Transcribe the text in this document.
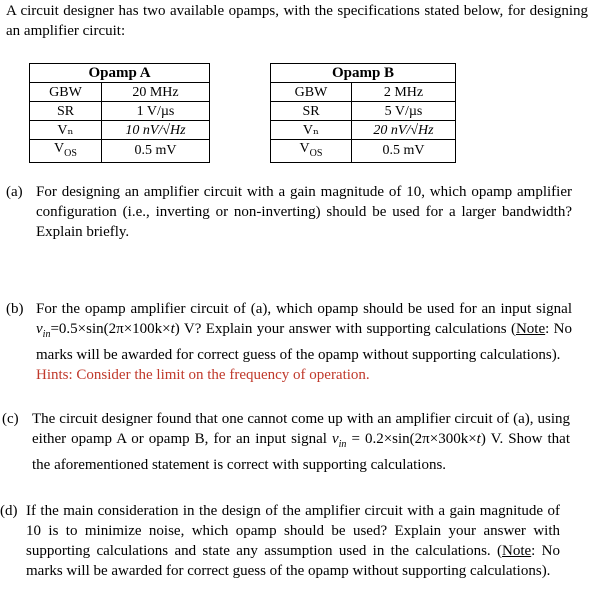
A circuit designer has two available opamps, with the specifications stated below, for designing an amplifier circuit:
Opamp A	
GBW	20 MHz
SR	1 V/µs
Vₙ	10 nV/√Hz
$V_{OS}$	0.5 mV
Opamp B	
GBW	2 MHz
SR	5 V/µs
Vₙ	20 nV/√Hz
$V_{OS}$	0.5 mV
(a) For designing an amplifier circuit with a gain magnitude of 10, which opamp amplifier configuration (i.e., inverting or non-inverting) should be used for a larger bandwidth? Explain briefly.
(b) For the opamp amplifier circuit of (a), which opamp should be used for an input signal $v_{in}=0.5\times\sin(2\pi\times 100k\times t)$ V? Explain your answer with supporting calculations (Note: No marks will be awarded for correct guess of the opamp without supporting calculations).
Hints: Consider the limit on the frequency of operation.
(c) The circuit designer found that one cannot come up with an amplifier circuit of (a), using either opamp A or opamp B, for an input signal $v_{in} = 0.2\times\sin(2\pi\times 300k\times t)$ V. Show that the aforementioned statement is correct with supporting calculations.
(d) If the main consideration in the design of the amplifier circuit with a gain magnitude of 10 is to minimize noise, which opamp should be used? Explain your answer with supporting calculations and state any assumption used in the calculations. (Note: No marks will be awarded for correct guess of the opamp without supporting calculations).
